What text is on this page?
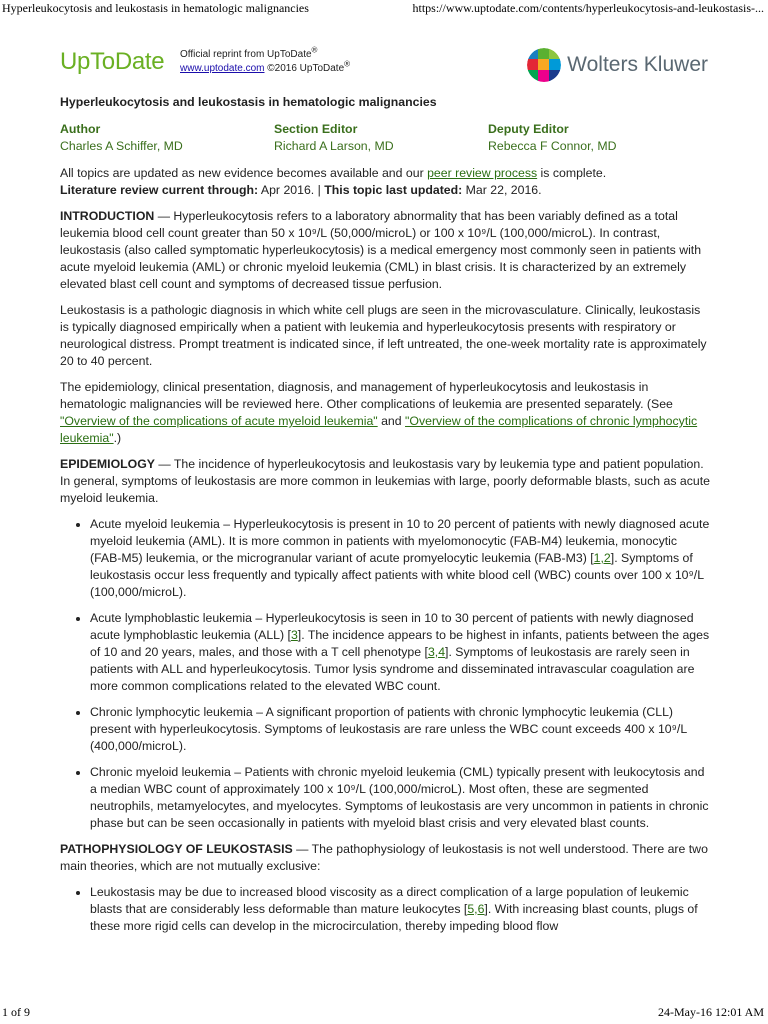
Hyperleukocytosis and leukostasis in hematologic malignancies	https://www.uptodate.com/contents/hyperleukocytosis-and-leukostasis-...
UpToDate Official reprint from UpToDate®
www.uptodate.com ©2016 UpToDate®	Wolters Kluwer
Hyperleukocytosis and leukostasis in hematologic malignancies
Author
Charles A Schiffer, MD
Section Editor
Richard A Larson, MD
Deputy Editor
Rebecca F Connor, MD

All topics are updated as new evidence becomes available and our peer review process is complete.
Literature review current through: Apr 2016. | This topic last updated: Mar 22, 2016.

INTRODUCTION — Hyperleukocytosis refers to a laboratory abnormality that has been variably defined as a total leukemia blood cell count greater than 50 x 10⁹/L (50,000/microL) or 100 x 10⁹/L (100,000/microL). In contrast, leukostasis (also called symptomatic hyperleukocytosis) is a medical emergency most commonly seen in patients with acute myeloid leukemia (AML) or chronic myeloid leukemia (CML) in blast crisis. It is characterized by an extremely elevated blast cell count and symptoms of decreased tissue perfusion.

Leukostasis is a pathologic diagnosis in which white cell plugs are seen in the microvasculature. Clinically, leukostasis is typically diagnosed empirically when a patient with leukemia and hyperleukocytosis presents with respiratory or neurological distress. Prompt treatment is indicated since, if left untreated, the one-week mortality rate is approximately 20 to 40 percent.

The epidemiology, clinical presentation, diagnosis, and management of hyperleukocytosis and leukostasis in hematologic malignancies will be reviewed here. Other complications of leukemia are presented separately. (See "Overview of the complications of acute myeloid leukemia" and "Overview of the complications of chronic lymphocytic leukemia".)

EPIDEMIOLOGY — The incidence of hyperleukocytosis and leukostasis vary by leukemia type and patient population. In general, symptoms of leukostasis are more common in leukemias with large, poorly deformable blasts, such as acute myeloid leukemia.

• Acute myeloid leukemia – Hyperleukocytosis is present in 10 to 20 percent of patients with newly diagnosed acute myeloid leukemia (AML). It is more common in patients with myelomonocytic (FAB-M4) leukemia, monocytic (FAB-M5) leukemia, or the microgranular variant of acute promyelocytic leukemia (FAB-M3) [1,2]. Symptoms of leukostasis occur less frequently and typically affect patients with white blood cell (WBC) counts over 100 x 10⁹/L (100,000/microL).
• Acute lymphoblastic leukemia – Hyperleukocytosis is seen in 10 to 30 percent of patients with newly diagnosed acute lymphoblastic leukemia (ALL) [3]. The incidence appears to be highest in infants, patients between the ages of 10 and 20 years, males, and those with a T cell phenotype [3,4]. Symptoms of leukostasis are rarely seen in patients with ALL and hyperleukocytosis. Tumor lysis syndrome and disseminated intravascular coagulation are more common complications related to the elevated WBC count.
• Chronic lymphocytic leukemia – A significant proportion of patients with chronic lymphocytic leukemia (CLL) present with hyperleukocytosis. Symptoms of leukostasis are rare unless the WBC count exceeds 400 x 10⁹/L (400,000/microL).
• Chronic myeloid leukemia – Patients with chronic myeloid leukemia (CML) typically present with leukocytosis and a median WBC count of approximately 100 x 10⁹/L (100,000/microL). Most often, these are segmented neutrophils, metamyelocytes, and myelocytes. Symptoms of leukostasis are very uncommon in patients in chronic phase but can be seen occasionally in patients with myeloid blast crisis and very elevated blast counts.

PATHOPHYSIOLOGY OF LEUKOSTASIS — The pathophysiology of leukostasis is not well understood. There are two main theories, which are not mutually exclusive:

• Leukostasis may be due to increased blood viscosity as a direct complication of a large population of leukemic blasts that are considerably less deformable than mature leukocytes [5,6]. With increasing blast counts, plugs of these more rigid cells can develop in the microcirculation, thereby impeding blood flow
1 of 9	24-May-16 12:01 AM
